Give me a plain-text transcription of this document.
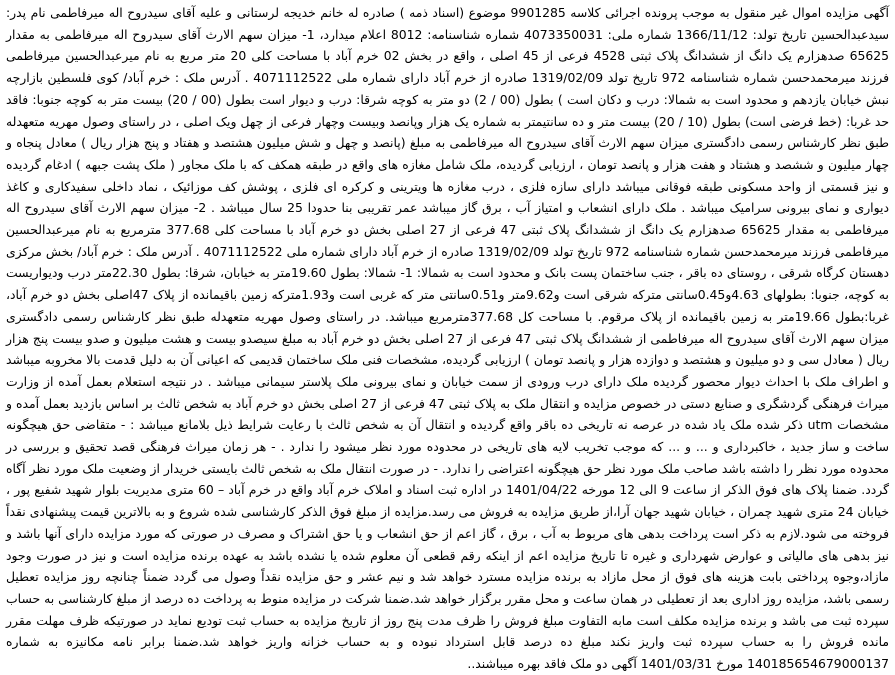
آگهی مزایده اموال غیر منقول به موجب پرونده اجرائی کلاسه 9901285 موضوع (اسناد ذمه ) صادره له خانم خدیجه لرستانی و علیه آقای سیدروح اله میرفاطمی نام پدر: سیدعبدالحسین تاریخ تولد: 1366/11/12 شماره ملی: 4073350031 شماره شناسنامه: 8012 اعلام میدارد، 1- میزان سهم الارث آقای سیدروح اله میرفاطمی به مقدار 65625 صدهزارم یک دانگ از ششدانگ پلاک ثبتی 4528 فرعی از 45 اصلی ، واقع در بخش 02 خرم آباد با مساحت کلی 20 متر مربع به نام میرعبدالحسین میرفاطمی فرزند میرمحمدحسن شماره شناسنامه 972 تاریخ تولد 1319/02/09 صادره از خرم آباد دارای شماره ملی 4071112522 . آدرس ملک : خرم آباد/ کوی فلسطین بازارچه نبش خیابان یازدهم و محدود است به شمالا: درب و دکان است ) بطول (00 / 2) دو متر به کوچه شرقا: درب و دیوار است بطول (00 / 20) بیست متر به کوچه جنوبا: فاقد حد غربا: (خط فرضی است) بطول (10 / 20) بیست متر و ده سانتیمتر به شماره یک هزار وپانصد وبیست وچهار فرعی از چهل ویک اصلی ، در راستای وصول مهریه متعهدله طبق نظر کارشناس رسمی دادگستری میزان سهم الارث آقای سیدروح اله میرفاطمی به مبلغ (پانصد و چهل و شش میلیون هشتصد و هفتاد و پنج هزار ریال ) معادل پنجاه و چهار میلیون و ششصد و هشتاد و هفت هزار و پانصد تومان ، ارزیابی گردیده، ملک شامل مغازه های واقع در طبقه همکف که با ملک مجاور ( ملک پشت جبهه ) ادغام گردیده و نیز قسمتی از واحد مسکونی طبقه فوقانی میباشد دارای سازه فلزی ، درب مغازه ها ویترینی و کرکره ای فلزی ، پوشش کف موزائیک ، نماد داخلی سفیدکاری و کاغذ دیواری و نمای بیرونی سرامیک میباشد . ملک دارای انشعاب و امتیاز آب ، برق گاز میباشد عمر تقریبی بنا حدودا 25 سال میباشد . 2- میزان سهم الارث آقای سیدروح اله میرفاطمی به مقدار 65625 صدهزارم یک دانگ از ششدانگ پلاک ثبتی 47 فرعی از 27 اصلی بخش دو خرم آباد با مساحت کلی 377.68 مترمربع به نام میرعبدالحسین میرفاطمی فرزند میرمحمدحسن شماره شناسنامه 972 تاریخ تولد 1319/02/09 صادره از خرم آباد دارای شماره ملی 4071112522 . آدرس ملک : خرم آباد/ بخش مرکزی دهستان کرگاه شرقی ، روستای ده باقر ، جنب ساختمان پست بانک و محدود است به شمالا: 1- شمالا: بطول 19.60متر به خیابان، شرقا: بطول 22.30متر درب وديواريست به كوچه، جنوبا: بطولهای 4.63و0.45سانتی مترکه شرقی است و9.62متر و0.51سانتی متر که غربی است و1.93مترکه زمین باقیمانده از پلاک 47اصلی بخش دو خرم آباد، غربا:بطول 19.66متر به زمین باقیمانده از پلاک مرقوم. با مساحت کل 377.68مترمربع میباشد. در راستای وصول مهریه متعهدله طبق نظر کارشناس رسمی دادگستری میزان سهم الارث آقای سیدروح اله میرفاطمی از ششدانگ پلاک ثبتی 47 فرعی از 27 اصلی بخش دو خرم آباد به مبلغ سیصدو بیست و هشت میلیون و صدو بیست پنج هزار ریال ( معادل سی و دو میلیون و هشتصد و دوازده هزار و پانصد تومان ) ارزیابی گردیده، مشخصات فنی ملک ساختمان قدیمی که اعیانی آن به دلیل قدمت بالا مخروبه میباشد و اطراف ملک با احداث دیوار محصور گردیده ملک دارای درب ورودی از سمت خیابان و نمای بیرونی ملک پلاستر سیمانی میباشد . در نتیجه استعلام بعمل آمده از وزارت میراث فرهنگی گردشگری و صنایع دستی در خصوص مزایده و انتقال ملک به پلاک ثبتی 47 فرعی از 27 اصلی بخش دو خرم آباد به شخص ثالث بر اساس بازدید بعمل آمده و مشخصات utm ذکر شده ملک یاد شده در عرصه نه تاریخی ده باقر واقع گردیده و انتقال آن به شخص ثالث با رعایت شرایط ذیل بلامانع میباشد : - متقاضی حق هیچگونه ساخت و ساز جدید ، خاکبرداری و ... و ... که موجب تخریب لایه های تاریخی در محدوده مورد نظر میشود را ندارد . - هر زمان میراث فرهنگی قصد تحقیق و بررسی در محدوده مورد نظر را داشته باشد صاحب ملک مورد نظر حق هیچگونه اعتراضی را ندارد. - در صورت انتقال ملک به شخص ثالث بایستی خریدار از وضعیت ملک مورد نظر آگاه گردد. ضمنا پلاک های فوق الذکر از ساعت 9 الی 12 مورخه 1401/04/22 در اداره ثبت اسناد و املاک خرم آباد واقع در خرم آباد – 60 متری مدیریت بلوار شهید شفیع پور ، خیابان 24 متری شهید چمران ، خیابان شهید جهان آرا،از طریق مزایده به فروش می رسد.مزایده از مبلغ فوق الذکر کارشناسی شده شروع و به بالاترین قیمت پیشنهادی نقداً فروخته می شود.لازم به ذکر است پرداخت بدهی های مربوط به آب ، برق ، گاز اعم از حق انشعاب و یا حق اشتراک و مصرف در صورتی که مورد مزایده دارای آنها باشد و نیز بدهی های مالیاتی و عوارض شهرداری و غیره تا تاریخ مزایده اعم از اینکه رقم قطعی آن معلوم شده یا نشده باشد به عهده برنده مزایده است و نیز در صورت وجود مازاد،وجوه پرداختی بابت هزینه های فوق از محل مازاد به برنده مزایده مسترد خواهد شد و نیم عشر و حق مزایده نقداً وصول می گردد ضمناً چنانچه روز مزایده تعطیل رسمی باشد، مزایده روز اداری بعد از تعطیلی در همان ساعت و محل مقرر برگزار خواهد شد.ضمنا شرکت در مزایده منوط به پرداخت ده درصد از مبلغ کارشناسی به حساب سپرده ثبت می باشد و برنده مزایده مکلف است مابه التفاوت مبلغ فروش را ظرف مدت پنج روز از تاریخ مزایده به حساب ثبت تودیع نماید در صورتیکه ظرف مهلت مقرر مانده فروش را به حساب سپرده ثبت واریز نکند مبلغ ده درصد قابل استرداد نبوده و به حساب خزانه واریز خواهد شد.ضمنا برابر نامه مکانیزه به شماره 140185654679000137 مورخ 1401/03/31 آگهی دو ملک فاقد بهره میباشند..
